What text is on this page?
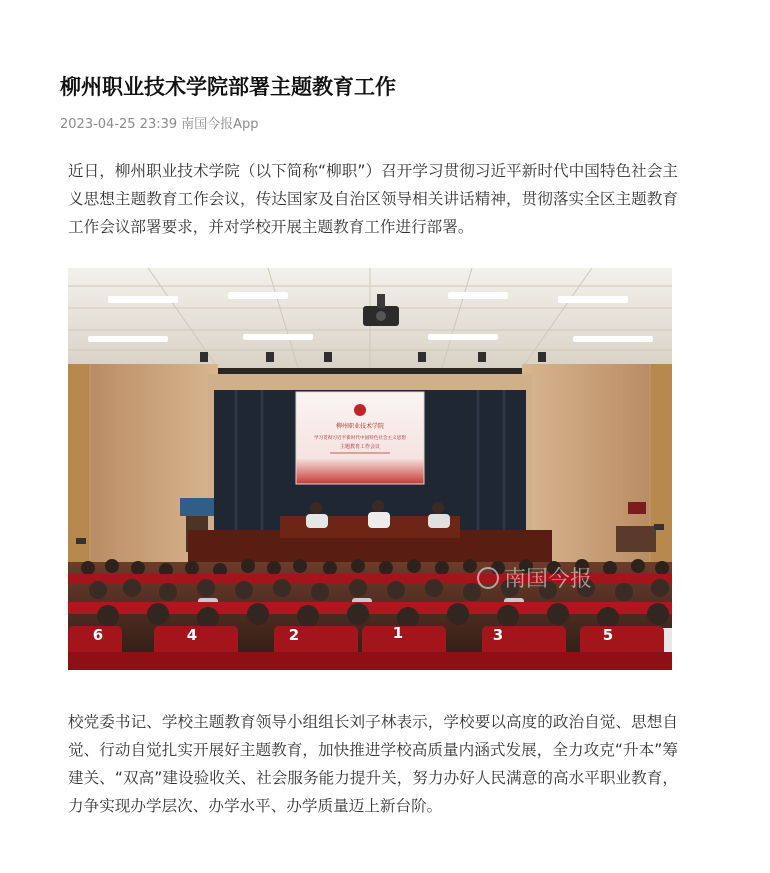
柳州职业技术学院部署主题教育工作
2023-04-25 23:39 南国今报App
近日，柳州职业技术学院（以下简称“柳职”）召开学习贯彻习近平新时代中国特色社会主义思想主题教育工作会议，传达国家及自治区领导相关讲话精神，贯彻落实全区主题教育工作会议部署要求，并对学校开展主题教育工作进行部署。
柳州职业技术学院
学习贯彻习近平新时代中国特色社会主义思想
主题教育工作会议
6	4	2	1	3	5
南国今报
校党委书记、学校主题教育领导小组组长刘子林表示，学校要以高度的政治自觉、思想自觉、行动自觉扎实开展好主题教育，加快推进学校高质量内涵式发展，全力攻克“升本”筹建关、“双高”建设验收关、社会服务能力提升关，努力办好人民满意的高水平职业教育，力争实现办学层次、办学水平、办学质量迈上新台阶。
